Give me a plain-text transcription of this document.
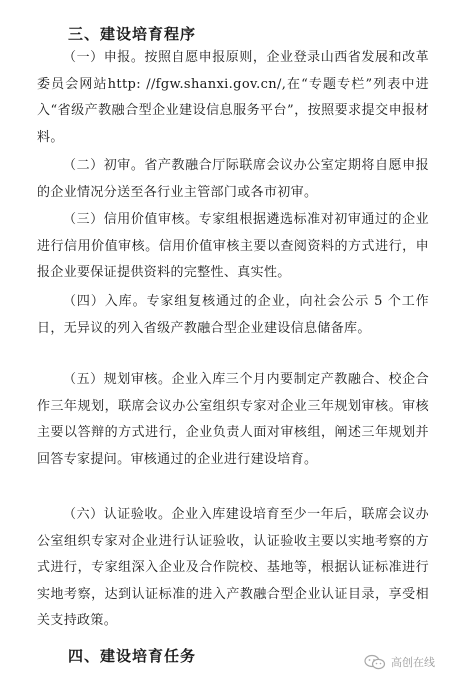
三、建设培育程序
（一）申报。按照自愿申报原则，企业登录山西省发展和改革委员会网站http: //fgw.shanxi.gov.cn/,在“专题专栏”列表中进入“省级产教融合型企业建设信息服务平台”，按照要求提交申报材料。
（二）初审。省产教融合厅际联席会议办公室定期将自愿申报的企业情况分送至各行业主管部门或各市初审。
（三）信用价值审核。专家组根据遴选标准对初审通过的企业进行信用价值审核。信用价值审核主要以查阅资料的方式进行，申报企业要保证提供资料的完整性、真实性。
（四）入库。专家组复核通过的企业，向社会公示 5 个工作日，无异议的列入省级产教融合型企业建设信息储备库。
（五）规划审核。企业入库三个月内要制定产教融合、校企合作三年规划，联席会议办公室组织专家对企业三年规划审核。审核主要以答辩的方式进行，企业负责人面对审核组，阐述三年规划并回答专家提问。审核通过的企业进行建设培育。
（六）认证验收。企业入库建设培育至少一年后，联席会议办公室组织专家对企业进行认证验收，认证验收主要以实地考察的方式进行，专家组深入企业及合作院校、基地等，根据认证标准进行实地考察，达到认证标准的进入产教融合型企业认证目录，享受相关支持政策。
四、建设培育任务	高创在线
